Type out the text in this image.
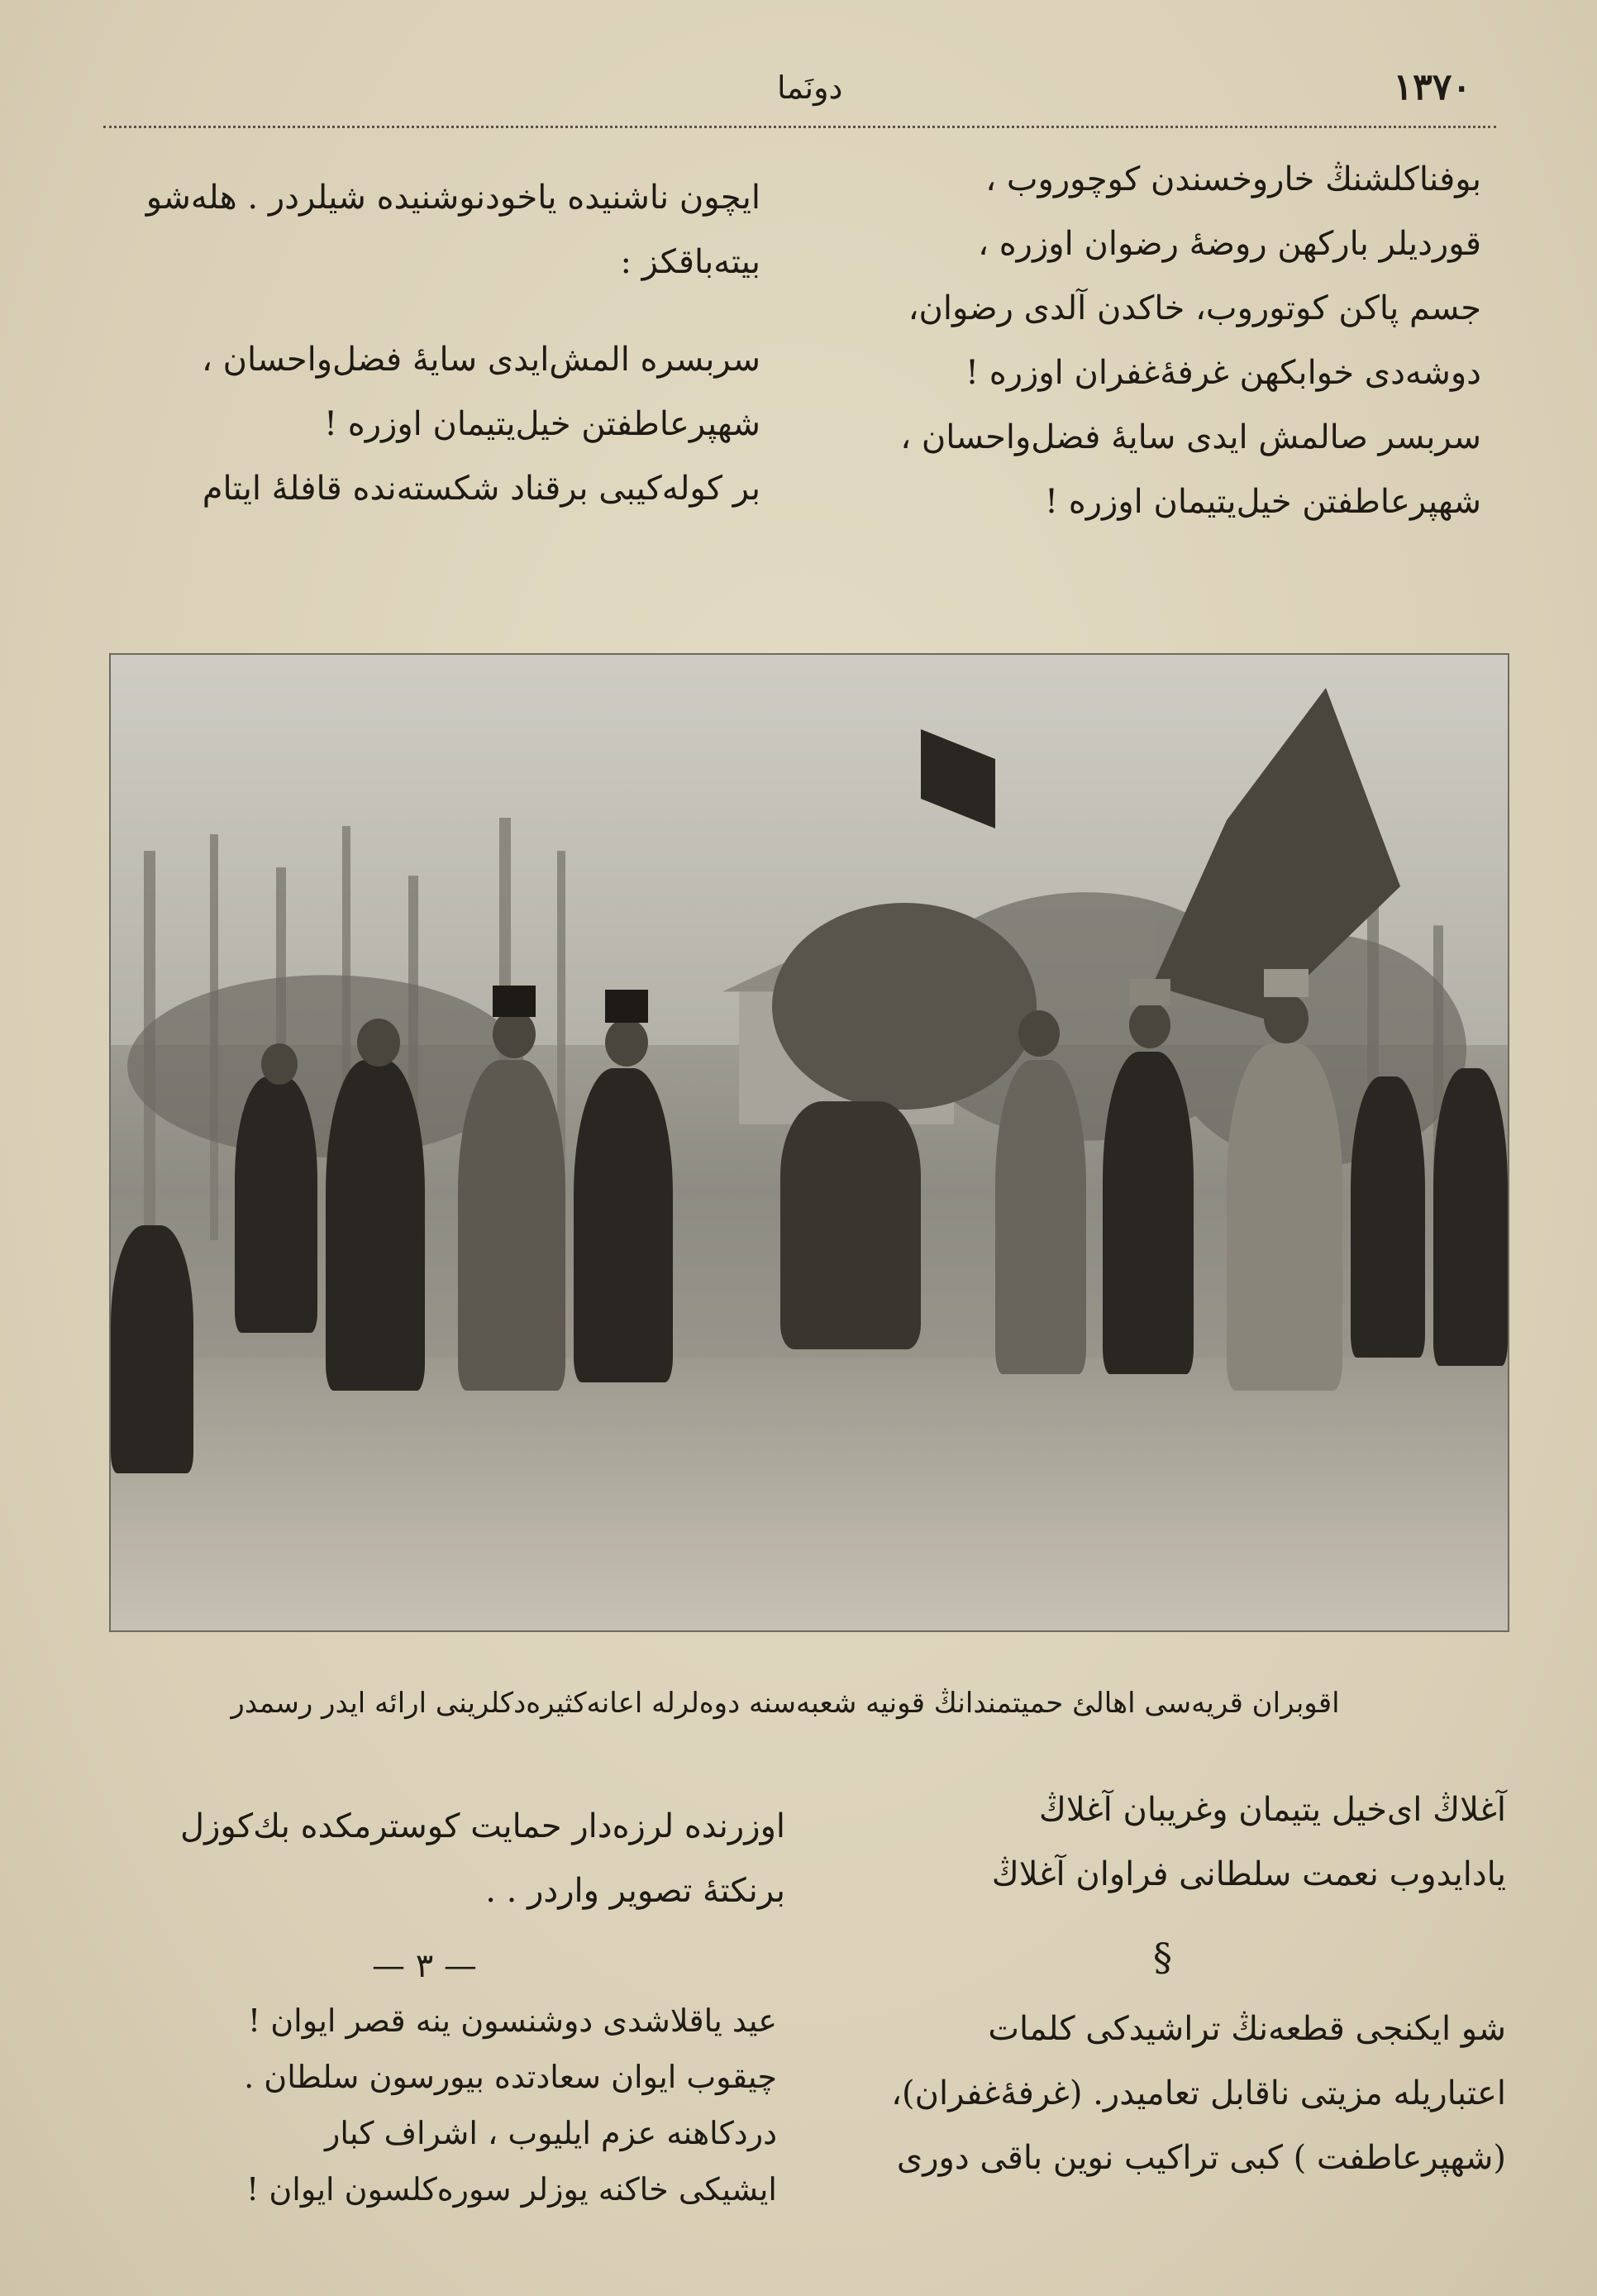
١٣٧٠
دونَما
بوفناكلشنڭ خاروخسندن كوچوروب ،
قوردیلر باركهن روضهٔ رضوان اوزره ،
جسم پاكن كوتوروب، خاكدن آلدی رضوان،
دوشه‌دی خوابكهن غرفهٔ‌غفران اوزره !
سربسر صالمش ایدی سایهٔ فضل‌واحسان ،
شهپرعاطفتن خیل‌یتیمان اوزره !
ایچون ناشنیده یاخودنوشنیده شیلردر . هله‌شو
بیته‌باقكز :
سربسره المش‌ایدی سایهٔ فضل‌واحسان ،
شهپرعاطفتن خیل‌یتیمان اوزره !
بر كوله‌كیبی برقناد شكسته‌نده قافلهٔ ایتام
اقوبران قریه‌سی اهالئ حمیتمندانڭ قونیه شعبه‌سنه دوه‌لرله اعانه‌كثیره‌دكلرینی ارائه ایدر رسمدر
آغلاڭ ای‌خیل یتیمان وغریبان آغلاڭ
یادایدوب نعمت سلطانی فراوان آغلاڭ
اوزرنده لرزه‌دار حمایت كوسترمكده بك‌كوزل
برنكتهٔ تصویر واردر . .
§
— ٣ —
شو ایكنجی قطعه‌نڭ تراشیدكی كلمات
اعتباریله مزیتی ناقابل تعامیدر. (غرفهٔ‌غفران)،
(شهپرعاطفت ) كبی تراكیب نوین باقی دوری
عید یاقلاشدی دوشنسون ینه قصر ایوان !
چیقوب ایوان سعادتده بیورسون سلطان .
دردكاهنه عزم ایلیوب ، اشراف كبار
ایشیكی خاكنه یوزلر سوره‌كلسون ایوان !
